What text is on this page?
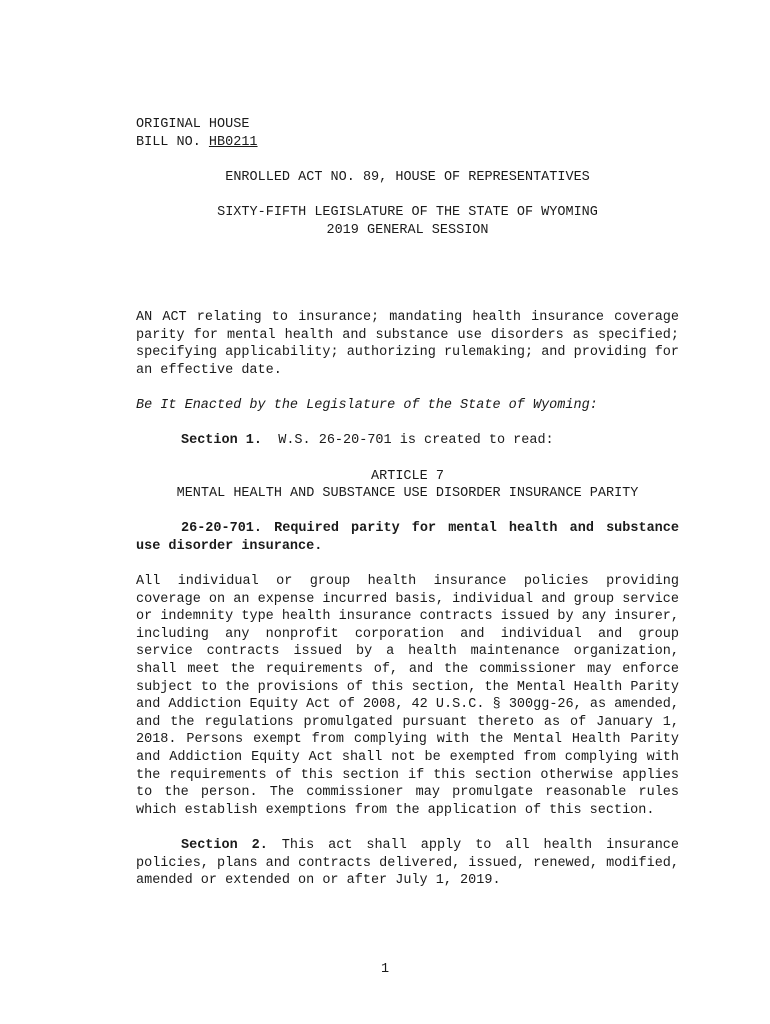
ORIGINAL HOUSE
BILL NO. HB0211
ENROLLED ACT NO. 89, HOUSE OF REPRESENTATIVES
SIXTY-FIFTH LEGISLATURE OF THE STATE OF WYOMING
2019 GENERAL SESSION
AN ACT relating to insurance; mandating health insurance coverage parity for mental health and substance use disorders as specified; specifying applicability; authorizing rulemaking; and providing for an effective date.
Be It Enacted by the Legislature of the State of Wyoming:
Section 1. W.S. 26-20-701 is created to read:
ARTICLE 7
MENTAL HEALTH AND SUBSTANCE USE DISORDER INSURANCE PARITY
26-20-701. Required parity for mental health and substance use disorder insurance.
All individual or group health insurance policies providing coverage on an expense incurred basis, individual and group service or indemnity type health insurance contracts issued by any insurer, including any nonprofit corporation and individual and group service contracts issued by a health maintenance organization, shall meet the requirements of, and the commissioner may enforce subject to the provisions of this section, the Mental Health Parity and Addiction Equity Act of 2008, 42 U.S.C. § 300gg-26, as amended, and the regulations promulgated pursuant thereto as of January 1, 2018. Persons exempt from complying with the Mental Health Parity and Addiction Equity Act shall not be exempted from complying with the requirements of this section if this section otherwise applies to the person. The commissioner may promulgate reasonable rules which establish exemptions from the application of this section.
Section 2. This act shall apply to all health insurance policies, plans and contracts delivered, issued, renewed, modified, amended or extended on or after July 1, 2019.
1
